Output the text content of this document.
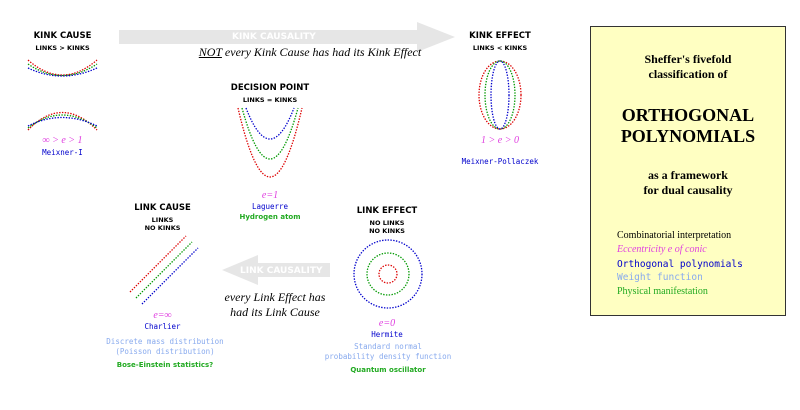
KINK CAUSALITY
NOT every Kink Cause has had its Kink Effect
LINK CAUSALITY
every Link Effect has
had its Link Cause
KINK CAUSE
LINKS > KINKS
∞ > e > 1
Meixner-I
DECISION POINT
LINKS = KINKS
e=1
Laguerre
Hydrogen atom
KINK EFFECT
LINKS < KINKS
1 > e > 0
Meixner-Pollaczek
LINK CAUSE
LINKS
NO KINKS
e=∞
Charlier
Discrete mass distribution
(Poisson distribution)
Bose-Einstein statistics?
LINK EFFECT
NO LINKS
NO KINKS
e=0
Hermite
Standard normal
probability density function
Quantum oscillator
Sheffer's fivefold
classification of
ORTHOGONAL
POLYNOMIALS
as a framework
for dual causality
Combinatorial interpretation
Eccentricity e of conic
Orthogonal polynomials
Weight function
Physical manifestation
